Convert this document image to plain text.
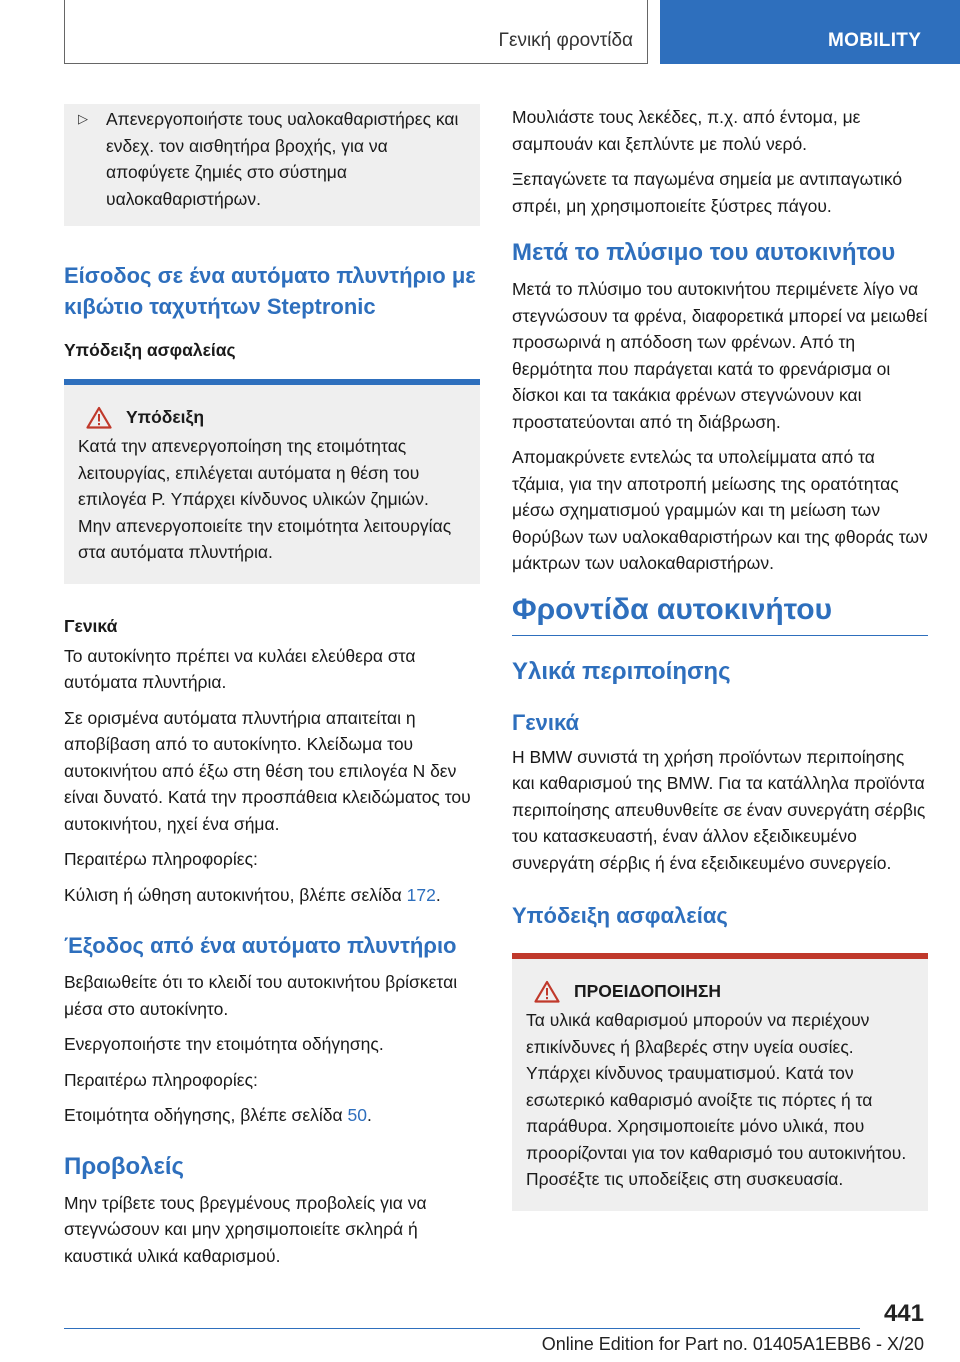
Γενική φροντίδα	MOBILITY
▷	Απενεργοποιήστε τους υαλοκαθαριστήρες και ενδεχ. τον αισθητήρα βροχής, για να αποφύγετε ζημιές στο σύστημα υαλοκαθαριστήρων.

Είσοδος σε ένα αυτόματο πλυντήριο με κιβώτιο ταχυτήτων Steptronic
Υπόδειξη ασφαλείας
Υπόδειξη

Κατά την απενεργοποίηση της ετοιμότητας λειτουργίας, επιλέγεται αυτόματα η θέση του επιλογέα P. Υπάρχει κίνδυνος υλικών ζημιών. Μην απενεργοποιείτε την ετοιμότητα λειτουργίας στα αυτόματα πλυντήρια.

Γενικά

Το αυτοκίνητο πρέπει να κυλάει ελεύθερα στα αυτόματα πλυντήρια.

Σε ορισμένα αυτόματα πλυντήρια απαιτείται η αποβίβαση από το αυτοκίνητο. Κλείδωμα του αυτοκινήτου από έξω στη θέση του επιλογέα N δεν είναι δυνατό. Κατά την προσπάθεια κλειδώματος του αυτοκινήτου, ηχεί ένα σήμα.

Περαιτέρω πληροφορίες:

Κύλιση ή ώθηση αυτοκινήτου, βλέπε σελίδα 172.

Έξοδος από ένα αυτόματο πλυντήριο

Βεβαιωθείτε ότι το κλειδί του αυτοκινήτου βρίσκεται μέσα στο αυτοκίνητο.

Ενεργοποιήστε την ετοιμότητα οδήγησης.

Περαιτέρω πληροφορίες:

Ετοιμότητα οδήγησης, βλέπε σελίδα 50.

Προβολείς

Μην τρίβετε τους βρεγμένους προβολείς για να στεγνώσουν και μην χρησιμοποιείτε σκληρά ή καυστικά υλικά καθαρισμού.

Μουλιάστε τους λεκέδες, π.χ. από έντομα, με σαμπουάν και ξεπλύντε με πολύ νερό.

Ξεπαγώνετε τα παγωμένα σημεία με αντιπαγωτικό σπρέι, μη χρησιμοποιείτε ξύστρες πάγου.

Μετά το πλύσιμο του αυτοκινήτου

Μετά το πλύσιμο του αυτοκινήτου περιμένετε λίγο να στεγνώσουν τα φρένα, διαφορετικά μπορεί να μειωθεί προσωρινά η απόδοση των φρένων. Από τη θερμότητα που παράγεται κατά το φρενάρισμα οι δίσκοι και τα τακάκια φρένων στεγνώνουν και προστατεύονται από τη διάβρωση.

Απομακρύνετε εντελώς τα υπολείμματα από τα τζάμια, για την αποτροπή μείωσης της ορατότητας μέσω σχηματισμού γραμμών και τη μείωση των θορύβων των υαλοκαθαριστήρων και της φθοράς των μάκτρων των υαλοκαθαριστήρων.

Φροντίδα αυτοκινήτου
Υλικά περιποίησης
Γενικά

Η BMW συνιστά τη χρήση προϊόντων περιποίησης και καθαρισμού της BMW. Για τα κατάλληλα προϊόντα περιποίησης απευθυνθείτε σε έναν συνεργάτη σέρβις του κατασκευαστή, έναν άλλον εξειδικευμένο συνεργάτη σέρβις ή ένα εξειδικευμένο συνεργείο.

Υπόδειξη ασφαλείας
ΠΡΟΕΙΔΟΠΟΙΗΣΗ

Τα υλικά καθαρισμού μπορούν να περιέχουν επικίνδυνες ή βλαβερές στην υγεία ουσίες. Υπάρχει κίνδυνος τραυματισμού. Κατά τον εσωτερικό καθαρισμό ανοίξτε τις πόρτες ή τα παράθυρα. Χρησιμοποιείτε μόνο υλικά, που προορίζονται για τον καθαρισμό του αυτοκινήτου. Προσέξτε τις υποδείξεις στη συσκευασία.

441
Online Edition for Part no. 01405A1EBB6 - X/20
